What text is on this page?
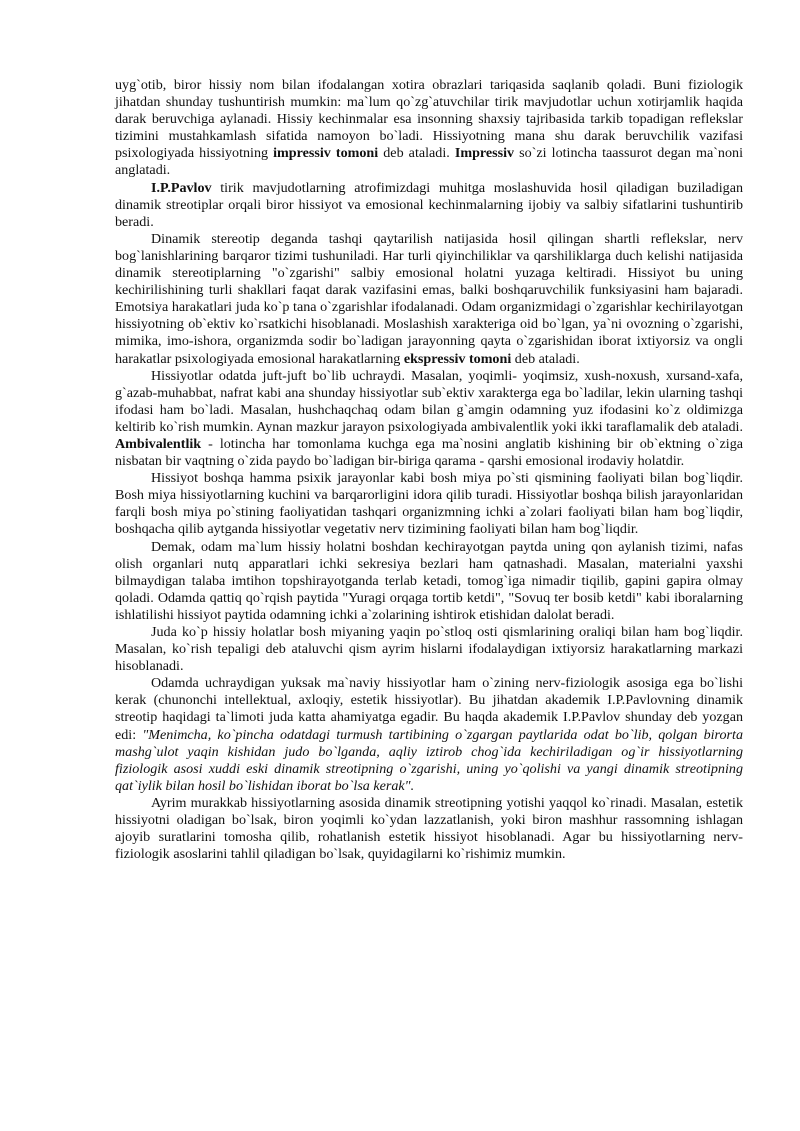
uyg`otib, biror hissiy nom bilan ifodalangan xotira obrazlari tariqasida saqlanib qoladi. Buni fiziologik jihatdan shunday tushuntirish mumkin: ma`lum qo`zg`atuvchilar tirik mavjudotlar uchun xotirjamlik haqida darak beruvchiga aylanadi. Hissiy kechinmalar esa insonning shaxsiy tajribasida tarkib topadigan reflekslar tizimini mustahkamlash sifatida namoyon bo`ladi. Hissiyotning mana shu darak beruvchilik vazifasi psixologiyada hissiyotning impressiv tomoni deb ataladi. Impressiv so`zi lotincha taassurot degan ma`noni anglatadi.

I.P.Pavlov tirik mavjudotlarning atrofimizdagi muhitga moslashuvida hosil qiladigan buziladigan dinamik streotiplar orqali biror hissiyot va emosional kechinmalarning ijobiy va salbiy sifatlarini tushuntirib beradi.

Dinamik stereotip deganda tashqi qaytarilish natijasida hosil qilingan shartli reflekslar, nerv bog`lanishlarining barqaror tizimi tushuniladi. Har turli qiyinchiliklar va qarshiliklarga duch kelishi natijasida dinamik stereotiplarning "o`zgarishi" salbiy emosional holatni yuzaga keltiradi. Hissiyot bu uning kechirilishining turli shakllari faqat darak vazifasini emas, balki boshqaruvchilik funksiyasini ham bajaradi. Emotsiya harakatlari juda ko`p tana o`zgarishlar ifodalanadi. Odam organizmidagi o`zgarishlar kechirilayotgan hissiyotning ob`ektiv ko`rsatkichi hisoblanadi. Moslashish xarakteriga oid bo`lgan, ya`ni ovozning o`zgarishi, mimika, imo-ishora, organizmda sodir bo`ladigan jarayonning qayta o`zgarishidan iborat ixtiyorsiz va ongli harakatlar psixologiyada emosional harakatlarning ekspressiv tomoni deb ataladi.

Hissiyotlar odatda juft-juft bo`lib uchraydi. Masalan, yoqimli- yoqimsiz, xush-noxush, xursand-xafa, g`azab-muhabbat, nafrat kabi ana shunday hissiyotlar sub`ektiv xarakterga ega bo`ladilar, lekin ularning tashqi ifodasi ham bo`ladi. Masalan, hushchaqchaq odam bilan g`amgin odamning yuz ifodasini ko`z oldimizga keltirib ko`rish mumkin. Aynan mazkur jarayon psixologiyada ambivalentlik yoki ikki taraflamalik deb ataladi. Ambivalentlik - lotincha har tomonlama kuchga ega ma`nosini anglatib kishining bir ob`ektning o`ziga nisbatan bir vaqtning o`zida paydo bo`ladigan bir-biriga qarama - qarshi emosional irodaviy holatdir.

Hissiyot boshqa hamma psixik jarayonlar kabi bosh miya po`sti qismining faoliyati bilan bog`liqdir. Bosh miya hissiyotlarning kuchini va barqarorligini idora qilib turadi. Hissiyotlar boshqa bilish jarayonlaridan farqli bosh miya po`stining faoliyatidan tashqari organizmning ichki a`zolari faoliyati bilan ham bog`liqdir, boshqacha qilib aytganda hissiyotlar vegetativ nerv tizimining faoliyati bilan ham bog`liqdir.

Demak, odam ma`lum hissiy holatni boshdan kechirayotgan paytda uning qon aylanish tizimi, nafas olish organlari nutq apparatlari ichki sekresiya bezlari ham qatnashadi. Masalan, materialni yaxshi bilmaydigan talaba imtihon topshirayotganda terlab ketadi, tomog`iga nimadir tiqilib, gapini gapira olmay qoladi. Odamda qattiq qo`rqish paytida "Yuragi orqaga tortib ketdi", "Sovuq ter bosib ketdi" kabi iboralarning ishlatilishi hissiyot paytida odamning ichki a`zolarining ishtirok etishidan dalolat beradi.

Juda ko`p hissiy holatlar bosh miyaning yaqin po`stloq osti qismlarining oraliqi bilan ham bog`liqdir. Masalan, ko`rish tepaligi deb ataluvchi qism ayrim hislarni ifodalaydigan ixtiyorsiz harakatlarning markazi hisoblanadi.

Odamda uchraydigan yuksak ma`naviy hissiyotlar ham o`zining nerv-fiziologik asosiga ega bo`lishi kerak (chunonchi intellektual, axloqiy, estetik hissiyotlar). Bu jihatdan akademik I.P.Pavlovning dinamik streotip haqidagi ta`limoti juda katta ahamiyatga egadir. Bu haqda akademik I.P.Pavlov shunday deb yozgan edi: "Menimcha, ko`pincha odatdagi turmush tartibining o`zgargan paytlarida odat bo`lib, qolgan birorta mashg`ulot yaqin kishidan judo bo`lganda, aqliy iztirob chog`ida kechiriladigan og`ir hissiyotlarning fiziologik asosi xuddi eski dinamik streotipning o`zgarishi, uning yo`qolishi va yangi dinamik streotipning qat`iylik bilan hosil bo`lishidan iborat bo`lsa kerak".

Ayrim murakkab hissiyotlarning asosida dinamik streotipning yotishi yaqqol ko`rinadi. Masalan, estetik hissiyotni oladigan bo`lsak, biron yoqimli ko`ydan lazzatlanish, yoki biron mashhur rassomning ishlagan ajoyib suratlarini tomosha qilib, rohatlanish estetik hissiyot hisoblanadi. Agar bu hissiyotlarning nerv-fiziologik asoslarini tahlil qiladigan bo`lsak, quyidagilarni ko`rishimiz mumkin.
